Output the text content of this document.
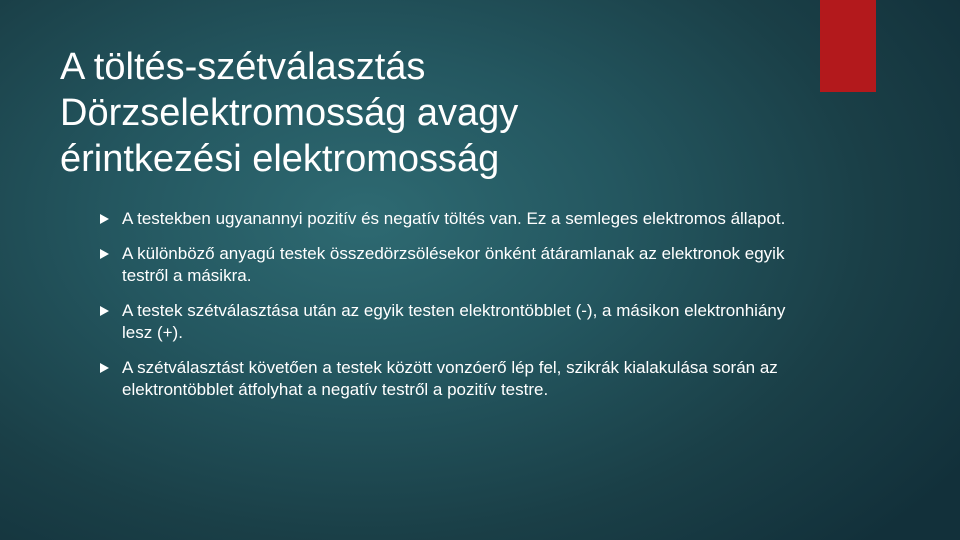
A töltés-szétválasztás
Dörzselektromosság avagy
érintkezési elektromosság
A testekben ugyanannyi pozitív és negatív töltés van. Ez a semleges elektromos állapot.
A különböző anyagú testek összedörzsölésekor önként átáramlanak az elektronok egyik testről a másikra.
A testek szétválasztása után az egyik testen elektrontöbblet (-), a másikon elektronhiány lesz (+).
A szétválasztást követően a testek között vonzóerő lép fel, szikrák kialakulása során az elektrontöbblet átfolyhat a negatív testről a pozitív testre.
